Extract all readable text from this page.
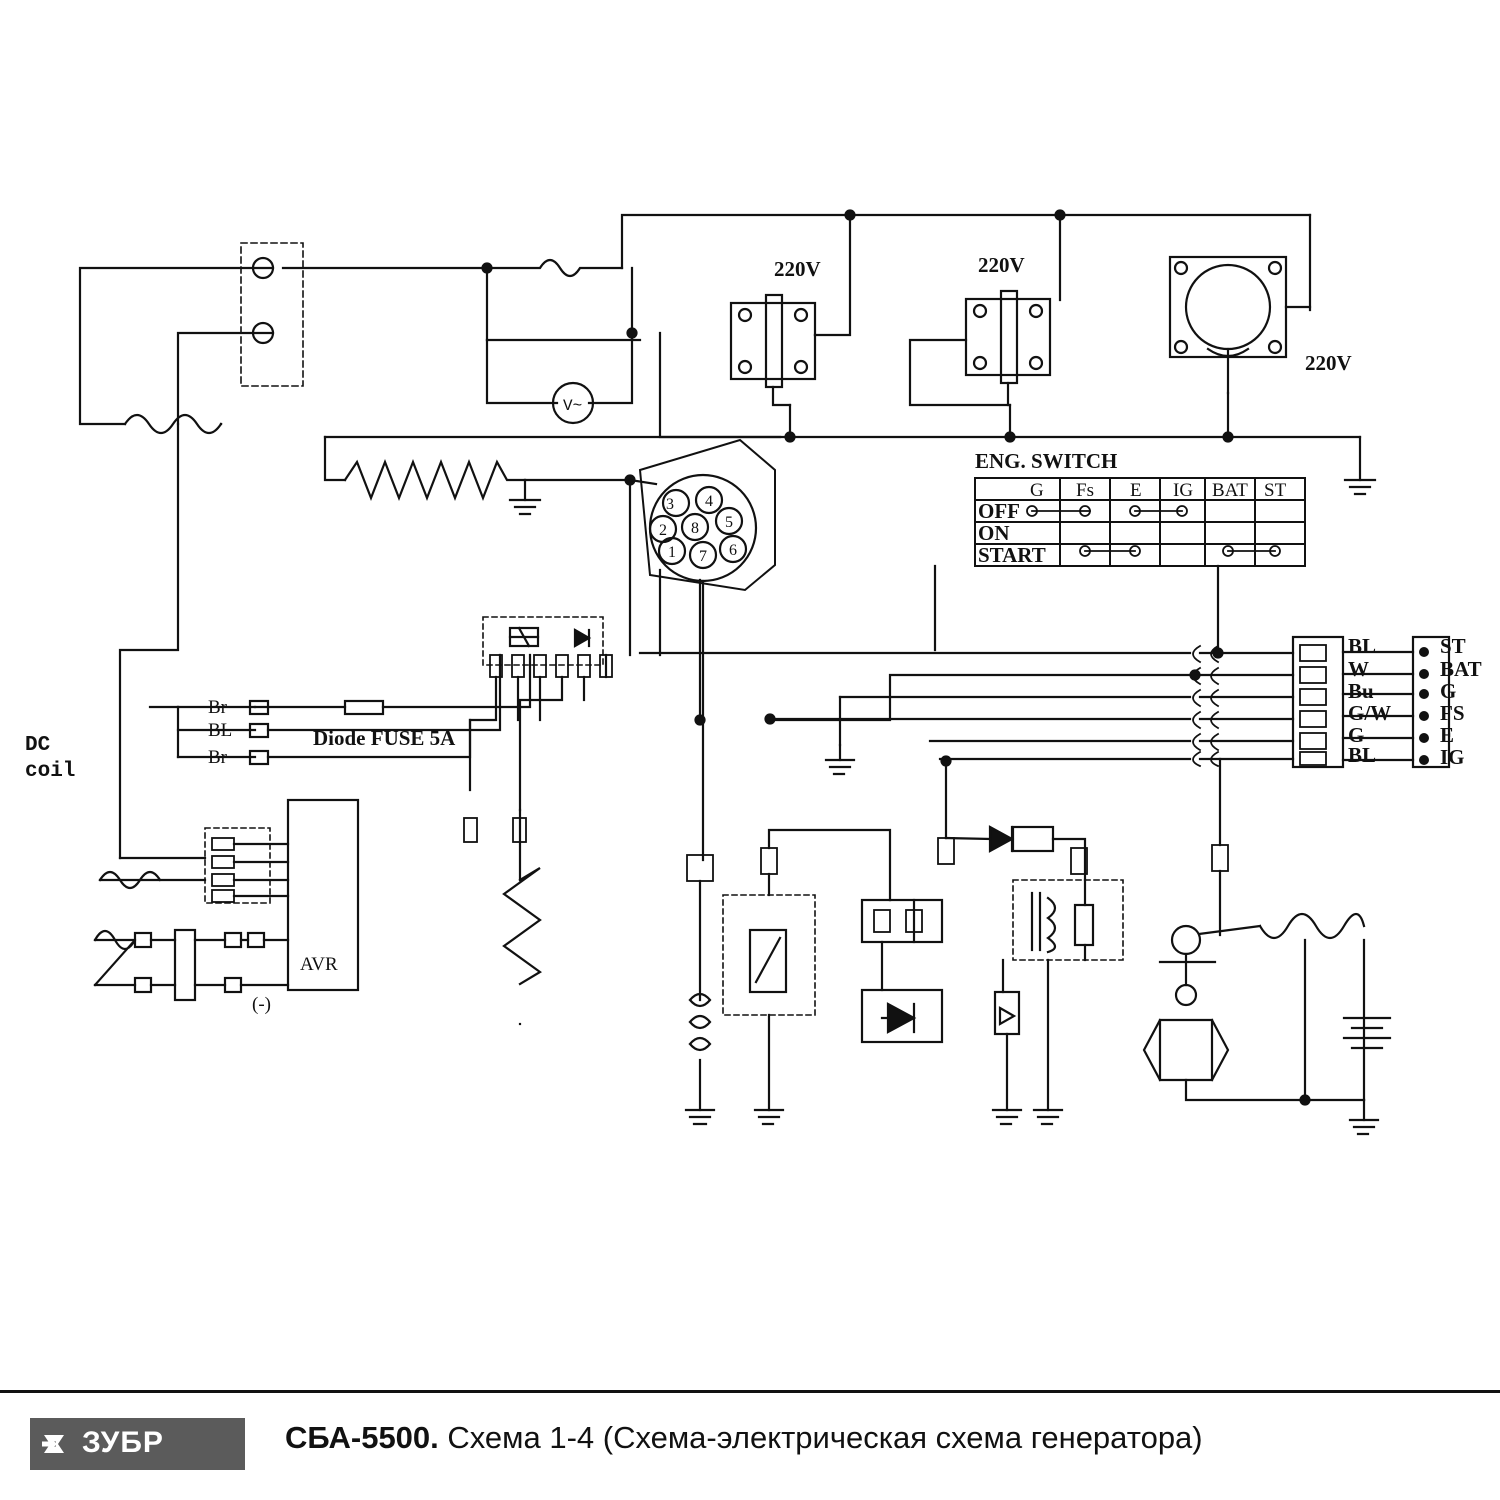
AVR
220V	220V
220V
V~
ENG. SWITCH
G Fs E IG BAT ST
OFF
ON
START
3 4
2 8 5
1 7 6
DC
coil
Br
BL
Br
Diode FUSE 5A
(-)
BL
W
Bu
G/W
G
BL
ST
BAT
G
FS
E
IG
ЗУБР	СБА-5500. Схема 1-4 (Схема-электрическая схема генератора)
